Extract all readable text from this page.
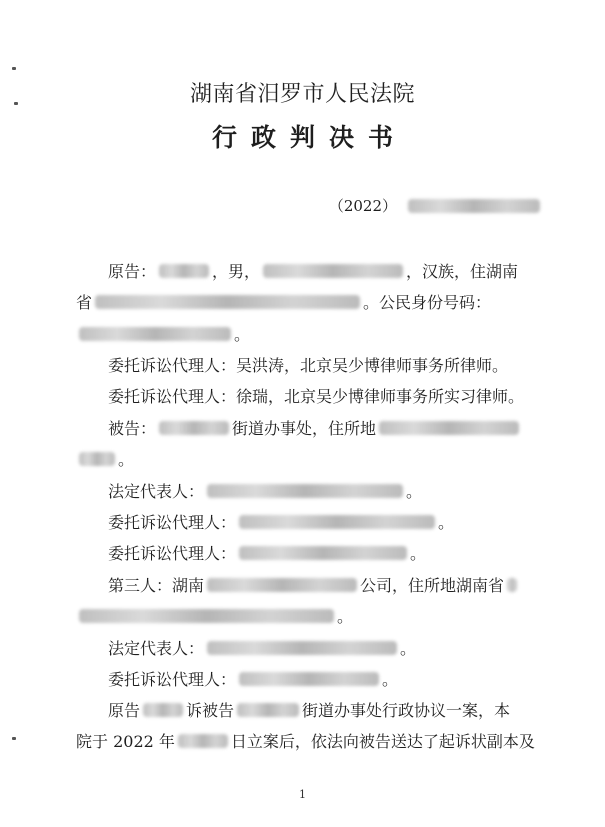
湖南省汨罗市人民法院
行政判决书
（2022）
原告：	，男，	，汉族，住湖南
省	。公民身份号码：
。
委托诉讼代理人：吴洪涛，北京吴少博律师事务所律师。
委托诉讼代理人：徐瑞，北京吴少博律师事务所实习律师。
被告：	街道办事处，住所地
。
法定代表人：	。
委托诉讼代理人：	。
委托诉讼代理人：	。
第三人：湖南	公司，住所地湖南省
。
法定代表人：	。
委托诉讼代理人：	。
原告	诉被告	街道办事处行政协议一案，本
院于 2022 年	日立案后，依法向被告送达了起诉状副本及
1
